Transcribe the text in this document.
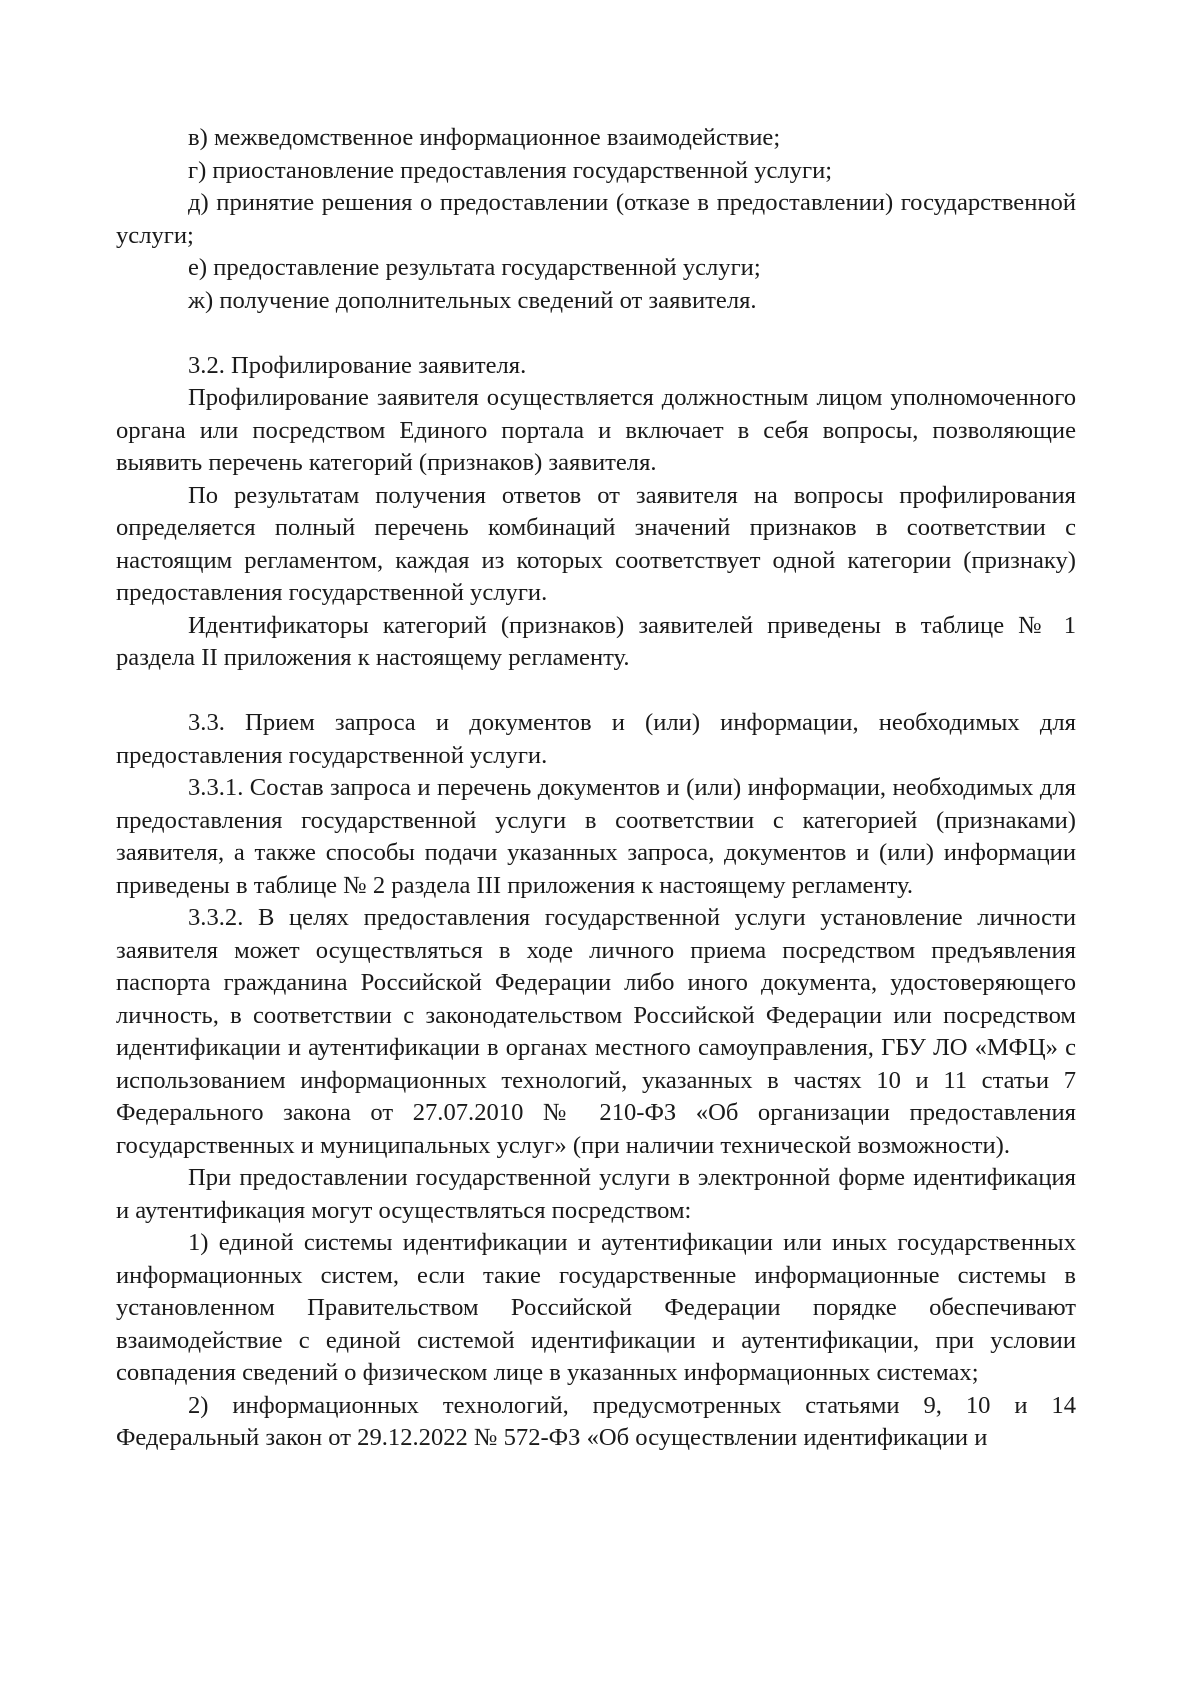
в) межведомственное информационное взаимодействие;

г) приостановление предоставления государственной услуги;

д) принятие решения о предоставлении (отказе в предоставлении) государственной услуги;

е) предоставление результата государственной услуги;

ж) получение дополнительных сведений от заявителя.

3.2. Профилирование заявителя.

Профилирование заявителя осуществляется должностным лицом уполномоченного органа или посредством Единого портала и включает в себя вопросы, позволяющие выявить перечень категорий (признаков) заявителя.

По результатам получения ответов от заявителя на вопросы профилирования определяется полный перечень комбинаций значений признаков в соответствии с настоящим регламентом, каждая из которых соответствует одной категории (признаку) предоставления государственной услуги.

Идентификаторы категорий (признаков) заявителей приведены в таблице № 1 раздела II приложения к настоящему регламенту.

3.3. Прием запроса и документов и (или) информации, необходимых для предоставления государственной услуги.

3.3.1. Состав запроса и перечень документов и (или) информации, необходимых для предоставления государственной услуги в соответствии с категорией (признаками) заявителя, а также способы подачи указанных запроса, документов и (или) информации приведены в таблице № 2 раздела III приложения к настоящему регламенту.

3.3.2. В целях предоставления государственной услуги установление личности заявителя может осуществляться в ходе личного приема посредством предъявления паспорта гражданина Российской Федерации либо иного документа, удостоверяющего личность, в соответствии с законодательством Российской Федерации или посредством идентификации и аутентификации в органах местного самоуправления, ГБУ ЛО «МФЦ» с использованием информационных технологий, указанных в частях 10 и 11 статьи 7 Федерального закона от 27.07.2010 № 210-ФЗ «Об организации предоставления государственных и муниципальных услуг» (при наличии технической возможности).

При предоставлении государственной услуги в электронной форме идентификация и аутентификация могут осуществляться посредством:

1) единой системы идентификации и аутентификации или иных государственных информационных систем, если такие государственные информационные системы в установленном Правительством Российской Федерации порядке обеспечивают взаимодействие с единой системой идентификации и аутентификации, при условии совпадения сведений о физическом лице в указанных информационных системах;

2) информационных технологий, предусмотренных статьями 9, 10 и 14 Федеральный закон от 29.12.2022 № 572-ФЗ «Об осуществлении идентификации и
